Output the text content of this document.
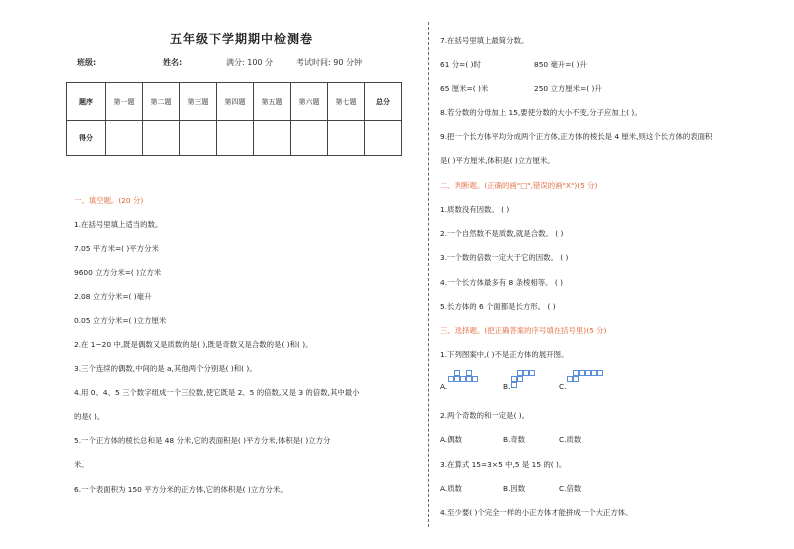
五年级下学期期中检测卷
班级:	姓名:	满分: 100 分	考试时间: 90 分钟
题序	第一题	第二题	第三题	第四题	第五题	第六题	第七题	总分
得分								
一、填空题。(20 分)
1.在括号里填上适当的数。
7.05 平方米=( )平方分米
9600 立方分米=( )立方米
2.08 立方分米=( )毫升
0.05 立方分米=( )立方厘米
2.在 1~20 中,既是偶数又是质数的是( ),既是奇数又是合数的是( )和( )。
3.三个连续的偶数,中间的是 a,其他两个分别是( )和( )。
4.用 0、4、5 三个数字组成一个三位数,使它既是 2、5 的倍数,又是 3 的倍数,其中最小
的是( )。
5.一个正方体的棱长总和是 48 分米,它的表面积是( )平方分米,体积是( )立方分
米。
6.一个表面积为 150 平方分米的正方体,它的体积是( )立方分米。
7.在括号里填上最简分数。
61 分=( )时	850 毫升=( )升
65 厘米=( )米	250 立方厘米=( )升
8.若分数的分母加上 15,要使分数的大小不变,分子应加上( )。
9.把一个长方体平均分成两个正方体,正方体的棱长是 4 厘米,则这个长方体的表面积
是( )平方厘米,体积是( )立方厘米。
二、判断题。(正确的画"□",错误的画"X")(5 分)
1.质数没有因数。 ( )
2.一个自然数不是质数,就是合数。 ( )
3.一个数的倍数一定大于它的因数。 ( )
4.一个长方体最多有 8 条棱相等。 ( )
5.长方体的 6 个面都是长方形。 ( )
三、选择题。(把正确答案的序号填在括号里)(5 分)
1.下列图案中,( )不是正方体的展开图。
A.	B.	C.
2.两个奇数的和一定是( )。
A.偶数	B.奇数	C.质数
3.在算式 15=3×5 中,5 是 15 的( )。
A.质数	B.因数	C.倍数
4.至少要( )个完全一样的小正方体才能拼成一个大正方体。
